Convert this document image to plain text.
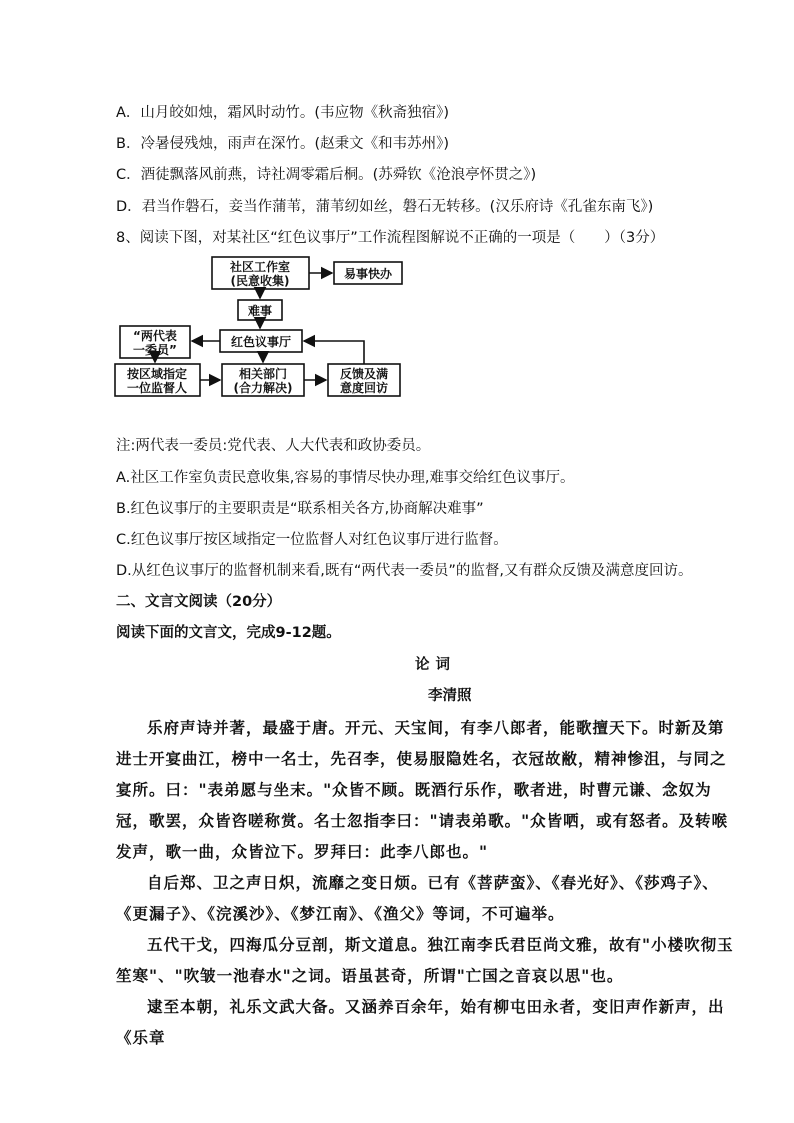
A．山月皎如烛，霜风时动竹。(韦应物《秋斋独宿》)
B．冷暑侵残烛，雨声在深竹。(赵秉文《和韦苏州》)
C．酒徒飘落风前燕，诗社凋零霜后桐。(苏舜钦《沧浪亭怀贯之》)
D．君当作磐石，妾当作蒲苇，蒲苇纫如丝，磐石无转移。(汉乐府诗《孔雀东南飞》)
8、阅读下图，对某社区“红色议事厅”工作流程图解说不正确的一项是（　　）（3分）
社区工作室
(民意收集)	易事快办
难事
红色议事厅
“两代表
一委员”
按区域指定
一位监督人
相关部门
(合力解决)
反馈及满
意度回访
注:两代表一委员:党代表、人大代表和政协委员。
A.社区工作室负责民意收集,容易的事情尽快办理,难事交给红色议事厅。
B.红色议事厅的主要职责是“联系相关各方,协商解决难事”
C.红色议事厅按区域指定一位监督人对红色议事厅进行监督。
D.从红色议事厅的监督机制来看,既有“两代表一委员”的监督,又有群众反馈及满意度回访。
二、文言文阅读（20分）
阅读下面的文言文，完成9-12题。
论词
李清照
乐府声诗并著，最盛于唐。开元、天宝间，有李八郎者，能歌擅天下。时新及第进士开宴曲江，榜中一名士，先召李，使易服隐姓名，衣冠故敝，精神惨沮，与同之宴所。曰："表弟愿与坐末。"众皆不顾。既酒行乐作，歌者进，时曹元谦、念奴为冠，歌罢，众皆咨嗟称赏。名士忽指李曰："请表弟歌。"众皆哂，或有怒者。及转喉发声，歌一曲，众皆泣下。罗拜曰：此李八郎也。"
自后郑、卫之声日炽，流靡之变日烦。已有《菩萨蛮》、《春光好》、《莎鸡子》、《更漏子》、《浣溪沙》、《梦江南》、《渔父》等词，不可遍举。
五代干戈，四海瓜分豆剖，斯文道息。独江南李氏君臣尚文雅，故有"小楼吹彻玉笙寒"、"吹皱一池春水"之词。语虽甚奇，所谓"亡国之音哀以思"也。
逮至本朝，礼乐文武大备。又涵养百余年，始有柳屯田永者，变旧声作新声，出《乐章
